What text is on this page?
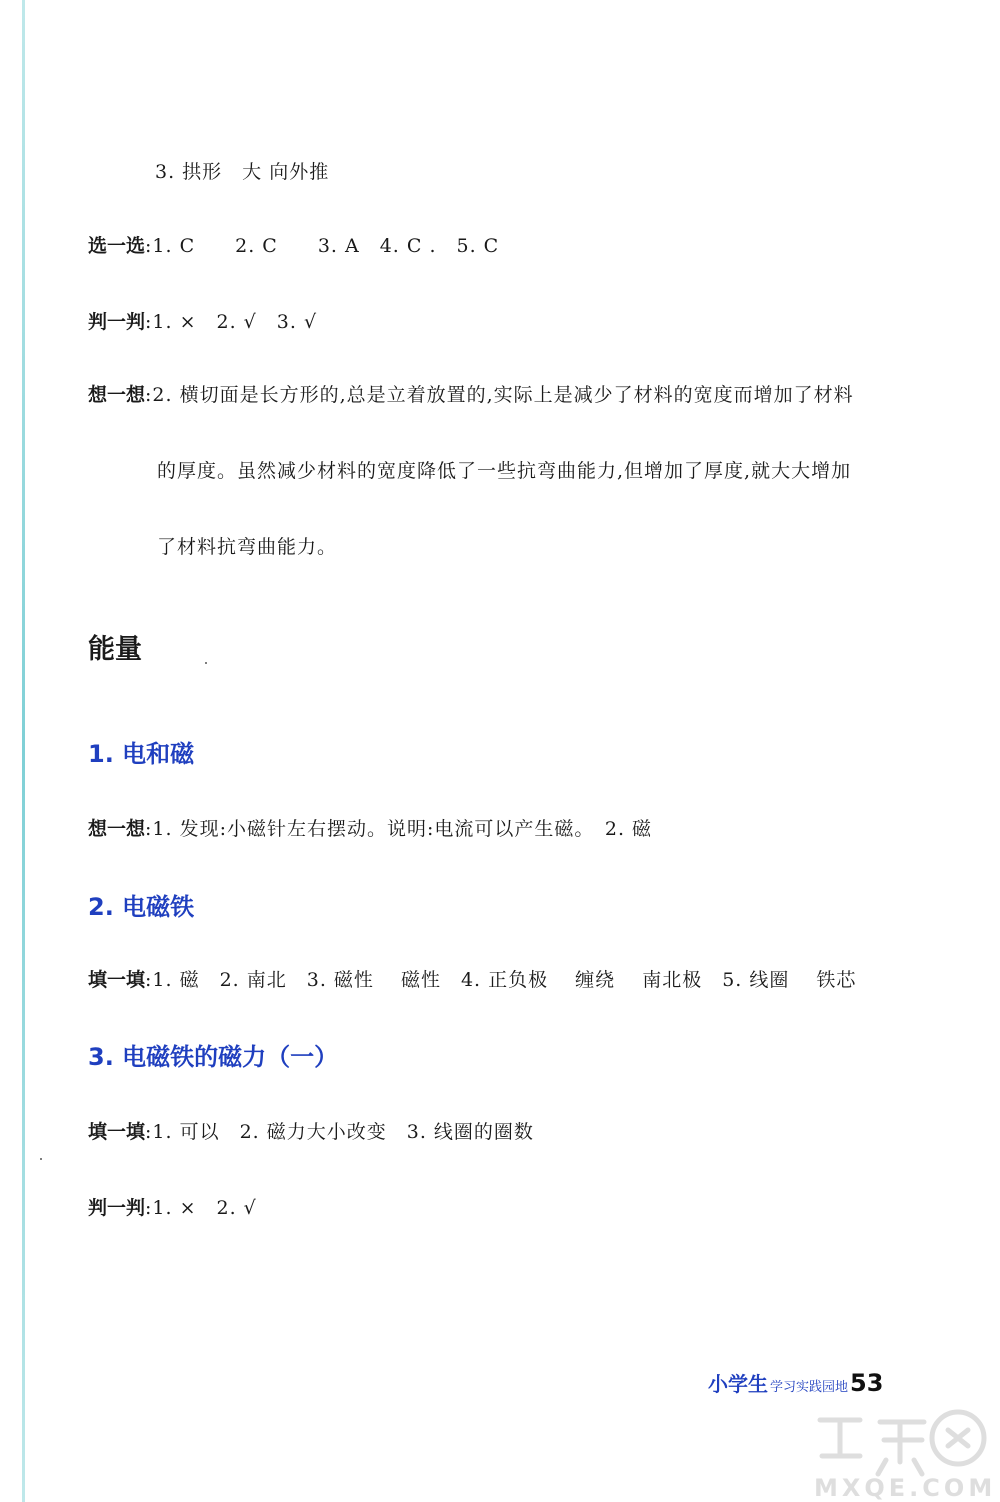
3. 拱形　大 向外推
选一选:1. C　　2. C　　3. A　4. C .　5. C
判一判:1. ×　2. √　3. √
想一想:2. 横切面是长方形的,总是立着放置的,实际上是减少了材料的宽度而增加了材料
的厚度。虽然减少材料的宽度降低了一些抗弯曲能力,但增加了厚度,就大大增加
了材料抗弯曲能力。
能量
1. 电和磁
想一想:1. 发现:小磁针左右摆动。说明:电流可以产生磁。　2. 磁
2. 电磁铁
填一填:1. 磁　2. 南北　3. 磁性　 磁性　4. 正负极　 缠绕　 南北极　5. 线圈　 铁芯
3. 电磁铁的磁力（一）
填一填:1. 可以　2. 磁力大小改变　3. 线圈的圈数
判一判:1. ×　2. √
小学生 学习实践园地53
MXQE.COM
